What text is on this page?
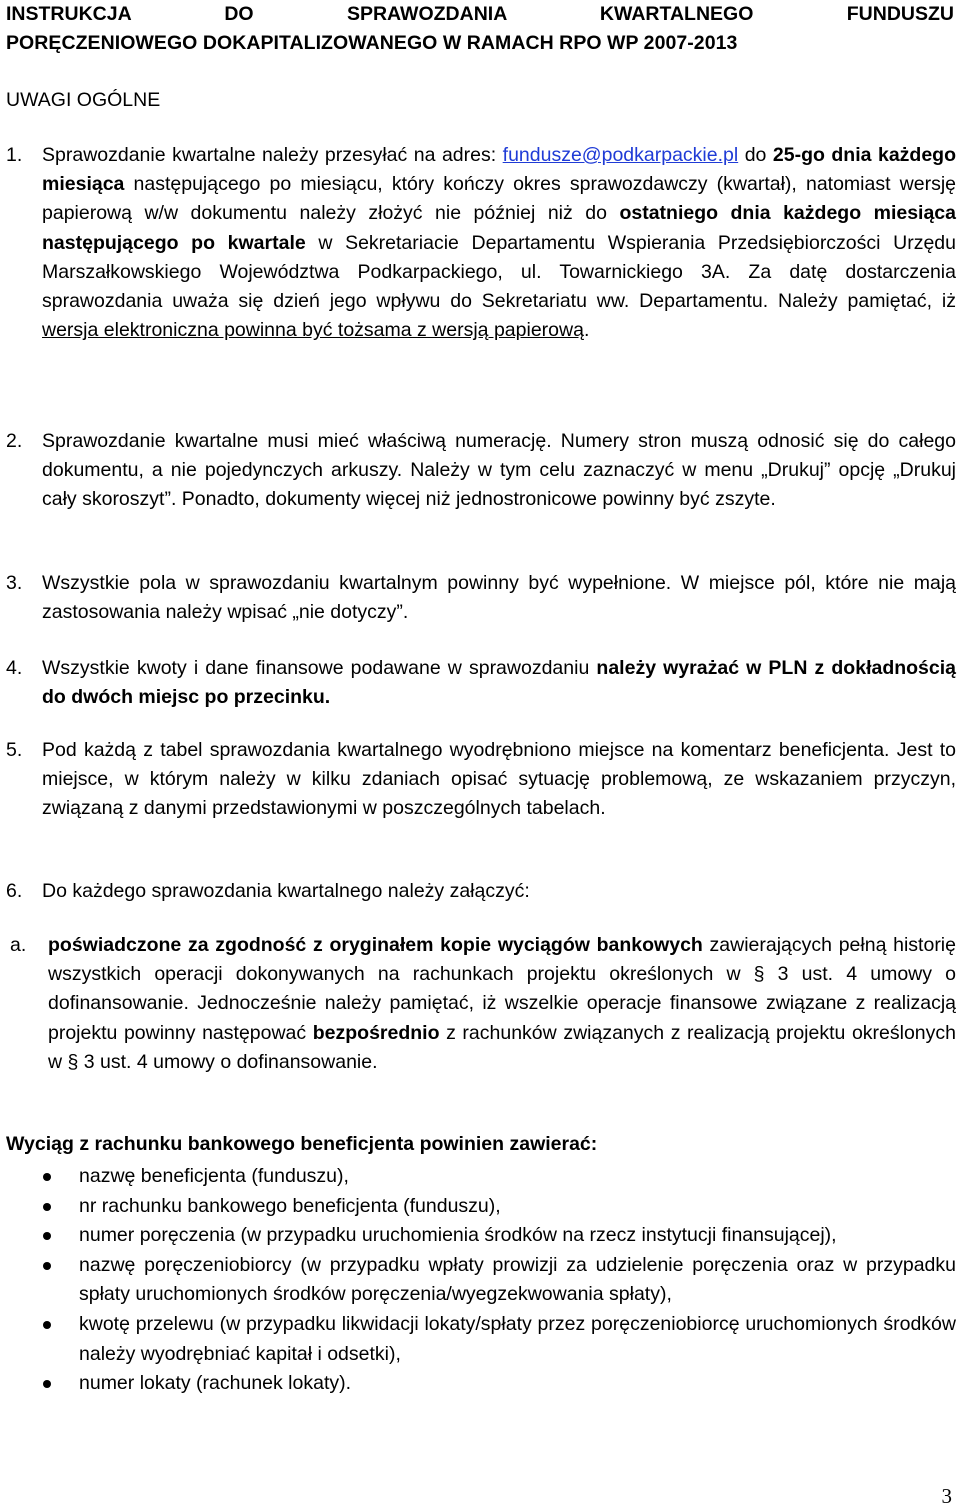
INSTRUKCJA DO SPRAWOZDANIA KWARTALNEGO FUNDUSZU
PORĘCZENIOWEGO DOKAPITALIZOWANEGO W RAMACH RPO WP 2007-2013
UWAGI OGÓLNE
1. Sprawozdanie kwartalne należy przesyłać na adres: fundusze@podkarpackie.pl do 25-go dnia każdego miesiąca następującego po miesiącu, który kończy okres sprawozdawczy (kwartał), natomiast wersję papierową w/w dokumentu należy złożyć nie później niż do ostatniego dnia każdego miesiąca następującego po kwartale w Sekretariacie Departamentu Wspierania Przedsiębiorczości Urzędu Marszałkowskiego Województwa Podkarpackiego, ul. Towarnickiego 3A. Za datę dostarczenia sprawozdania uważa się dzień jego wpływu do Sekretariatu ww. Departamentu. Należy pamiętać, iż wersja elektroniczna powinna być tożsama z wersją papierową.
2. Sprawozdanie kwartalne musi mieć właściwą numerację. Numery stron muszą odnosić się do całego dokumentu, a nie pojedynczych arkuszy. Należy w tym celu zaznaczyć w menu „Drukuj” opcję „Drukuj cały skoroszyt”. Ponadto, dokumenty więcej niż jednostronicowe powinny być zszyte.
3. Wszystkie pola w sprawozdaniu kwartalnym powinny być wypełnione. W miejsce pól, które nie mają zastosowania należy wpisać „nie dotyczy”.
4. Wszystkie kwoty i dane finansowe podawane w sprawozdaniu należy wyrażać w PLN z dokładnością do dwóch miejsc po przecinku.
5. Pod każdą z tabel sprawozdania kwartalnego wyodrębniono miejsce na komentarz beneficjenta. Jest to miejsce, w którym należy w kilku zdaniach opisać sytuację problemową, ze wskazaniem przyczyn, związaną z danymi przedstawionymi w poszczególnych tabelach.
6. Do każdego sprawozdania kwartalnego należy załączyć:
a. poświadczone za zgodność z oryginałem kopie wyciągów bankowych zawierających pełną historię wszystkich operacji dokonywanych na rachunkach projektu określonych w § 3 ust. 4 umowy o dofinansowanie. Jednocześnie należy pamiętać, iż wszelkie operacje finansowe związane z realizacją projektu powinny następować bezpośrednio z rachunków związanych z realizacją projektu określonych w § 3 ust. 4 umowy o dofinansowanie.
Wyciąg z rachunku bankowego beneficjenta powinien zawierać:
nazwę beneficjenta (funduszu),
nr rachunku bankowego beneficjenta (funduszu),
numer poręczenia (w przypadku uruchomienia środków na rzecz instytucji finansującej),
nazwę poręczeniobiorcy (w przypadku wpłaty prowizji za udzielenie poręczenia oraz w przypadku spłaty uruchomionych środków poręczenia/wyegzekwowania spłaty),
kwotę przelewu (w przypadku likwidacji lokaty/spłaty przez poręczeniobiorcę uruchomionych środków należy wyodrębniać kapitał i odsetki),
numer lokaty (rachunek lokaty).
3
